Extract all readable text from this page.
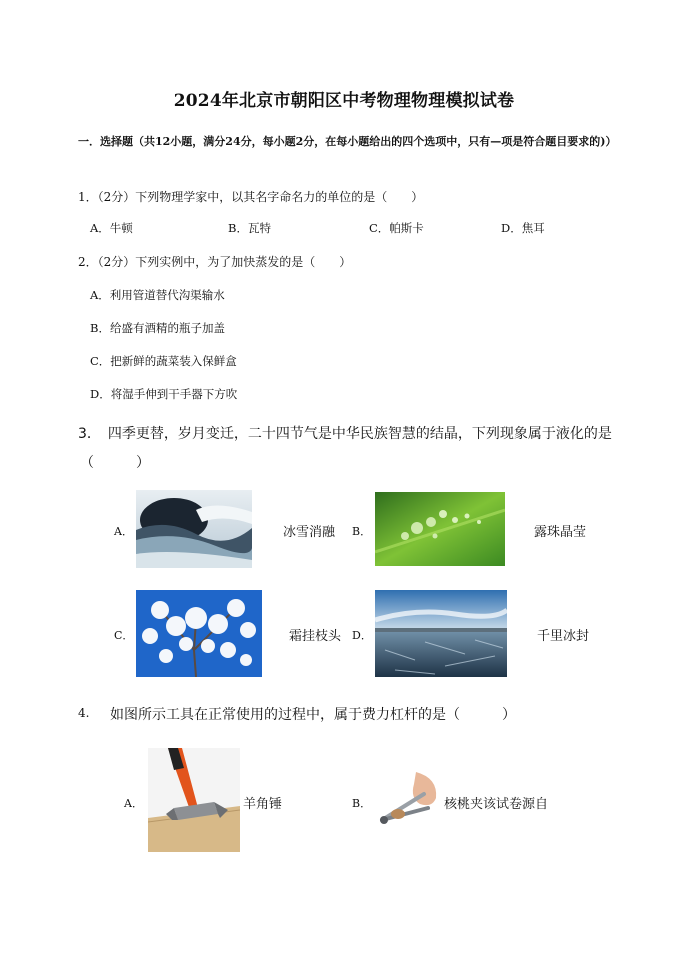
2024年北京市朝阳区中考物理物理模拟试卷
一．选择题（共12小题，满分24分，每小题2分，在每小题给出的四个选项中，只有—项是符合题目要求的)）
1．（2分）下列物理学家中，以其名字命名力的单位的是（　　）
A．牛顿	B．瓦特	C．帕斯卡	D．焦耳
2．（2分）下列实例中，为了加快蒸发的是（　　）
A．利用管道替代沟渠输水
B．给盛有酒精的瓶子加盖
C．把新鲜的蔬菜装入保鲜盒
D．将湿手伸到干手器下方吹
3．　四季更替，岁月变迁，二十四节气是中华民族智慧的结晶，下列现象属于液化的是
（　　　）
A．	冰雪消融 B．	露珠晶莹
C．	霜挂枝头 D．	千里冰封
4. 如图所示工具在正常使用的过程中，属于费力杠杆的是（　　　）
A．	羊角锤	B．	核桃夹该试卷源自
